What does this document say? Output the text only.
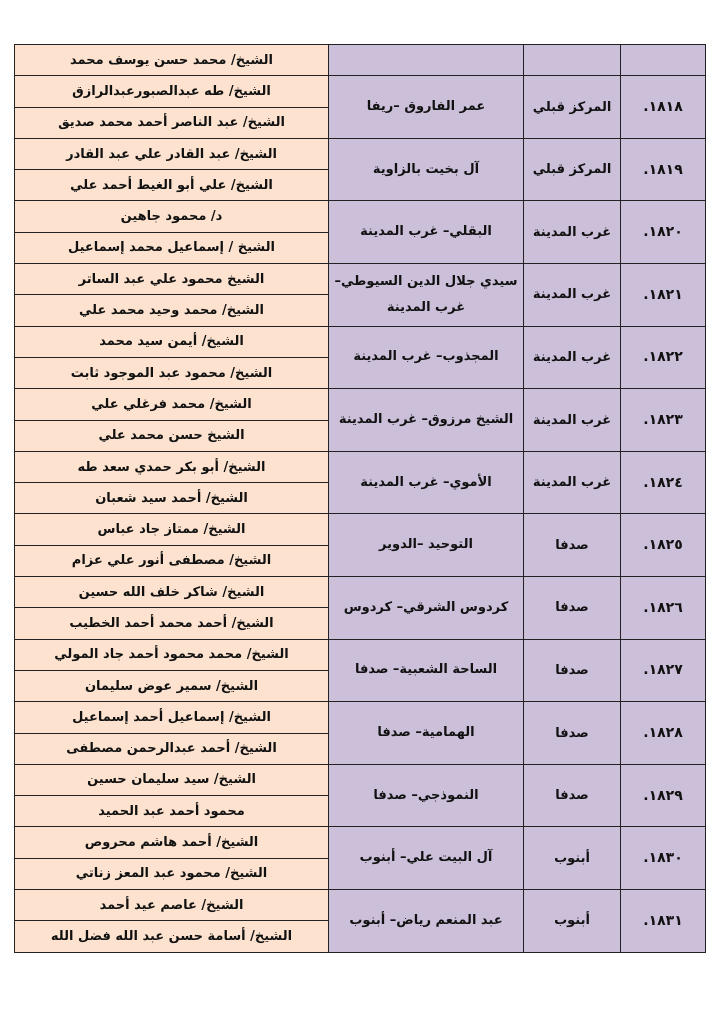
			الشيخ/ محمد حسن يوسف محمد
١٨١٨.	المركز قبلي	عمر الفاروق –ريفا	الشيخ/ طه عبدالصبورعبدالرازق
			الشيخ/ عبد الناصر أحمد محمد صديق
١٨١٩.	المركز قبلي	آل بخيت بالزاوية	الشيخ/ عبد القادر علي عبد القادر
			الشيخ/ علي أبو الغيط أحمد علي
١٨٢٠.	غرب المدينة	البقلي– غرب المدينة	د/ محمود جاهين
			الشيخ / إسماعيل محمد إسماعيل
١٨٢١.	غرب المدينة	سيدي جلال الدين السيوطي– غرب المدينة	الشيخ محمود علي عبد الساتر
			الشيخ/ محمد وحيد محمد علي
١٨٢٢.	غرب المدينة	المجذوب– غرب المدينة	الشيخ/ أيمن سيد محمد
			الشيخ/ محمود عبد الموجود ثابت
١٨٢٣.	غرب المدينة	الشيخ مرزوق– غرب المدينة	الشيخ/ محمد فرغلي علي
			الشيخ حسن محمد علي
١٨٢٤.	غرب المدينة	الأموي– غرب المدينة	الشيخ/ أبو بكر حمدي سعد طه
			الشيخ/ أحمد سيد شعبان
١٨٢٥.	صدفا	التوحيد –الدوير	الشيخ/ ممتاز جاد عباس
			الشيخ/ مصطفى أنور علي عزام
١٨٢٦.	صدفا	كردوس الشرقي– كردوس	الشيخ/ شاكر خلف الله حسين
			الشيخ/ أحمد محمد أحمد الخطيب
١٨٢٧.	صدفا	الساحة الشعبية– صدفا	الشيخ/ محمد محمود أحمد جاد المولي
			الشيخ/ سمير عوض سليمان
١٨٢٨.	صدفا	الهمامية– صدفا	الشيخ/ إسماعيل أحمد إسماعيل
			الشيخ/ أحمد عبدالرحمن مصطفى
١٨٢٩.	صدفا	النموذجي– صدفا	الشيخ/ سيد سليمان حسين
			محمود أحمد عبد الحميد
١٨٣٠.	أبنوب	آل البيت علي– أبنوب	الشيخ/ أحمد هاشم محروص
			الشيخ/ محمود عبد المعز زناتي
١٨٣١.	أبنوب	عبد المنعم رياض– أبنوب	الشيخ/ عاصم عيد أحمد
			الشيخ/ أسامة حسن عبد الله فضل الله
